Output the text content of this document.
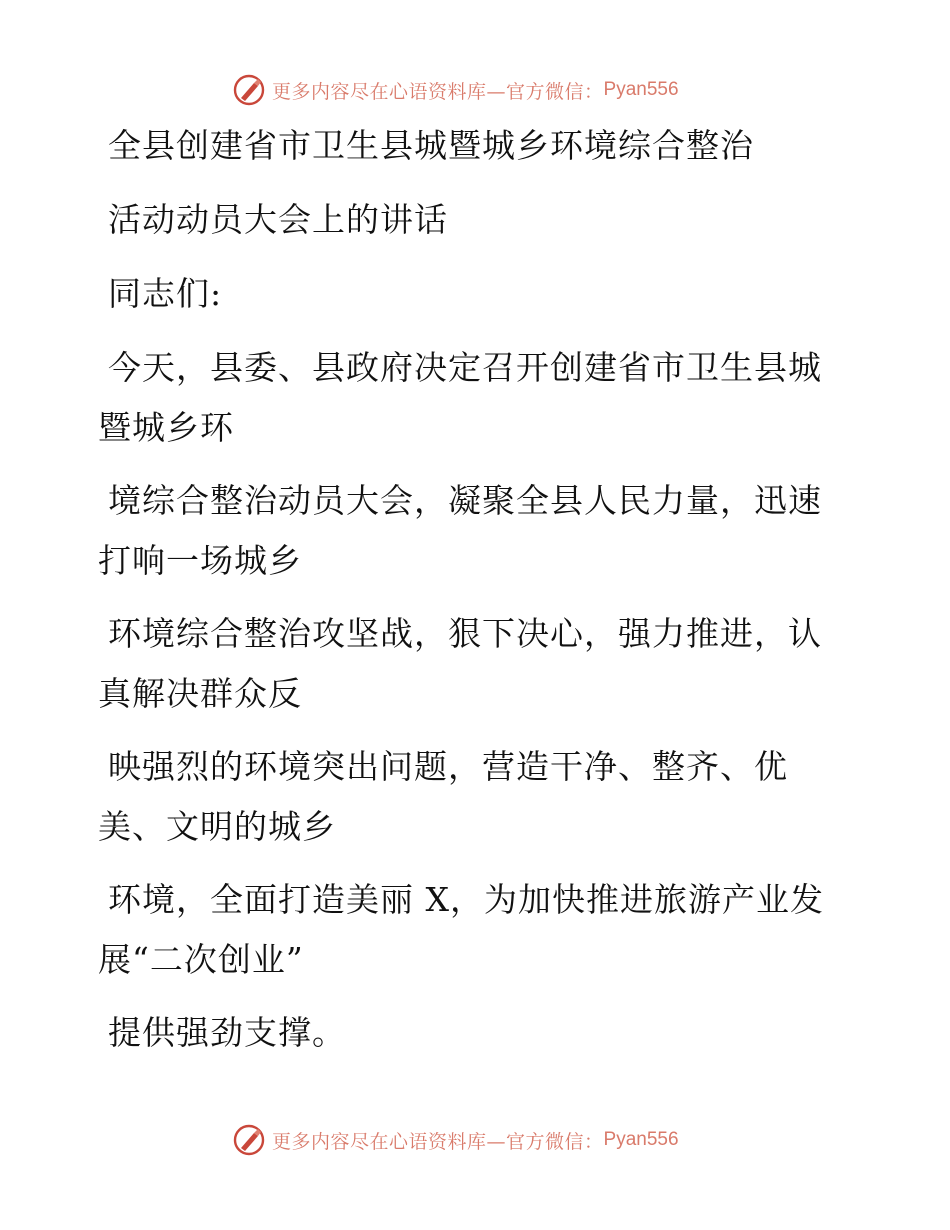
更多内容尽在心语资料库—官方微信： Pyan556
全县创建省市卫生县城暨城乡环境综合整治
活动动员大会上的讲话
同志们:
今天，县委、县政府决定召开创建省市卫生县城
暨城乡环
境综合整治动员大会，凝聚全县人民力量，迅速
打响一场城乡
环境综合整治攻坚战，狠下决心，强力推进，认
真解决群众反
映强烈的环境突出问题，营造干净、整齐、优
美、文明的城乡
环境，全面打造美丽 X，为加快推进旅游产业发
展“二次创业”
提供强劲支撑。
更多内容尽在心语资料库—官方微信： Pyan556
